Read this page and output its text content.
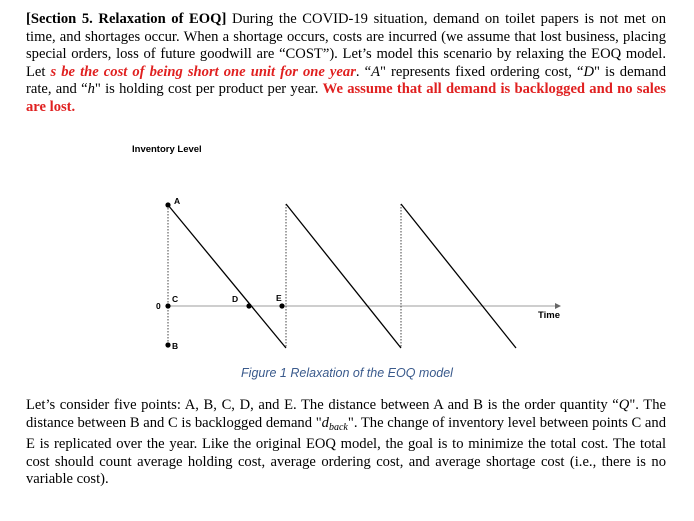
[Section 5. Relaxation of EOQ] During the COVID-19 situation, demand on toilet papers is not met on time, and shortages occur. When a shortage occurs, costs are incurred (we assume that lost business, placing special orders, loss of future goodwill are “COST”). Let’s model this scenario by relaxing the EOQ model. Let s be the cost of being short one unit for one year. “A" represents fixed ordering cost, “D" is demand rate, and “h" is holding cost per product per year. We assume that all demand is backlogged and no sales are lost.

Inventory Level
Time
0
A
B
C	D	E
Figure 1 Relaxation of the EOQ model

Let’s consider five points: A, B, C, D, and E. The distance between A and B is the order quantity “Q". The distance between B and C is backlogged demand "$d_{back}$". The change of inventory level between points C and E is replicated over the year. Like the original EOQ model, the goal is to minimize the total cost. The total cost should count average holding cost, average ordering cost, and average shortage cost (i.e., there is no variable cost).
